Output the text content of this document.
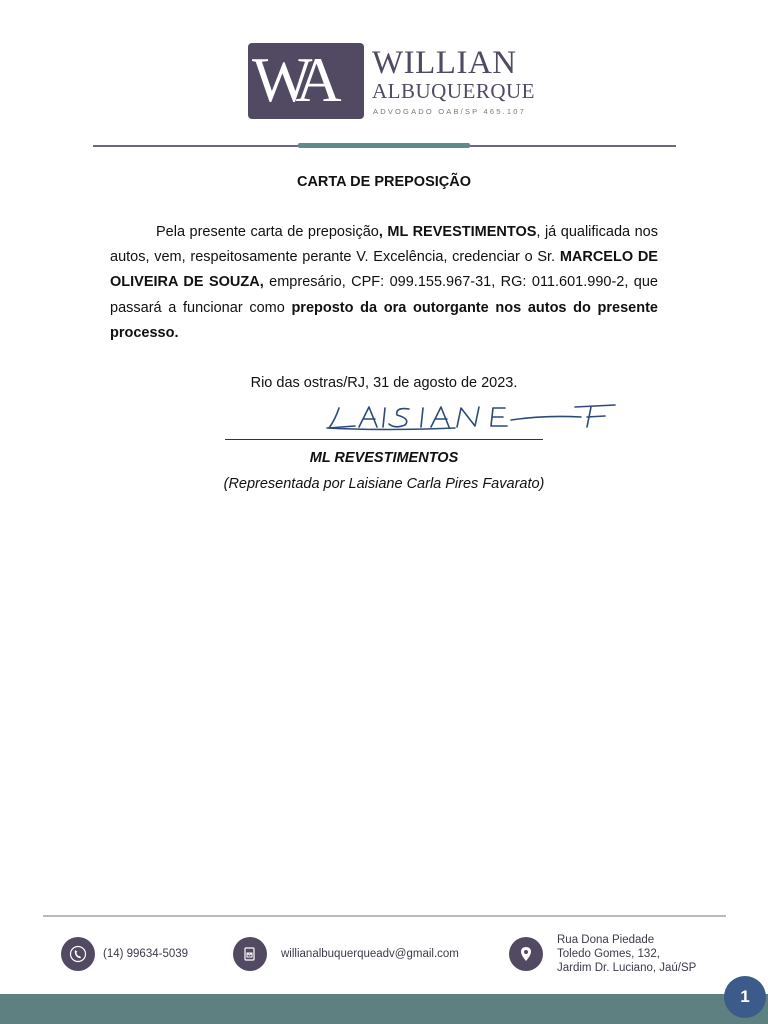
WA WILLIAN
ALBUQUERQUE
ADVOGADO OAB/SP 465.107
CARTA DE PREPOSIÇÃO
Pela presente carta de preposição, ML REVESTIMENTOS, já qualificada nos autos, vem, respeitosamente perante V. Excelência, credenciar o Sr. MARCELO DE OLIVEIRA DE SOUZA, empresário, CPF: 099.155.967-31, RG: 011.601.990-2, que passará a funcionar como preposto da ora outorgante nos autos do presente processo.
Rio das ostras/RJ, 31 de agosto de 2023.
ML REVESTIMENTOS
(Representada por Laisiane Carla Pires Favarato)
(14) 99634-5039	willianalbuquerqueadv@gmail.com
Rua Dona Piedade
Toledo Gomes, 132,
Jardim Dr. Luciano, Jaú/SP
1
